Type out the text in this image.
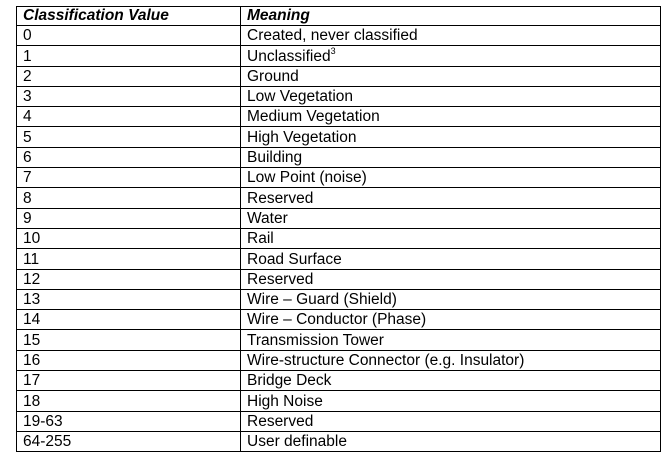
Classification Value	Meaning
0	Created, never classified
1	Unclassified$^3$
2	Ground
3	Low Vegetation
4	Medium Vegetation
5	High Vegetation
6	Building
7	Low Point (noise)
8	Reserved
9	Water
10	Rail
11	Road Surface
12	Reserved
13	Wire – Guard (Shield)
14	Wire – Conductor (Phase)
15	Transmission Tower
16	Wire-structure Connector (e.g. Insulator)
17	Bridge Deck
18	High Noise
19-63	Reserved
64-255	User definable
